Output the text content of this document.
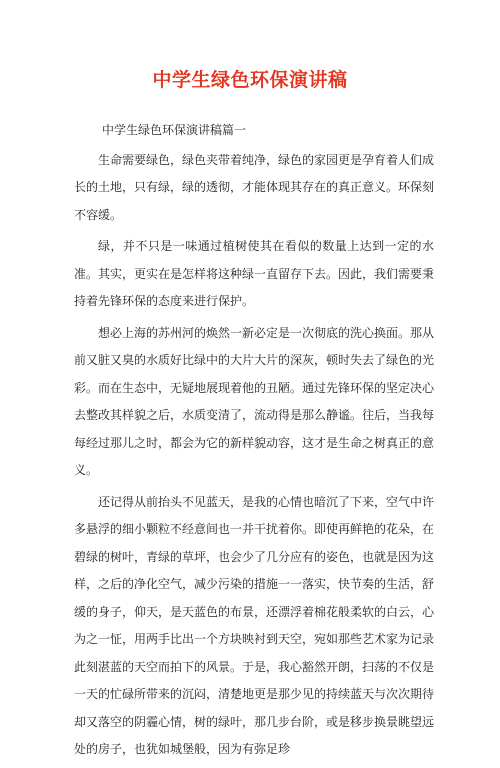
中学生绿色环保演讲稿

中学生绿色环保演讲稿篇一

生命需要绿色，绿色夹带着纯净，绿色的家园更是孕育着人们成长的土地，只有绿，绿的透彻，才能体现其存在的真正意义。环保刻不容缓。

绿，并不只是一味通过植树使其在看似的数量上达到一定的水准。其实，更实在是怎样将这种绿一直留存下去。因此，我们需要秉持着先锋环保的态度来进行保护。

想必上海的苏州河的焕然一新必定是一次彻底的洗心换面。那从前又脏又臭的水质好比绿中的大片大片的深灰，顿时失去了绿色的光彩。而在生态中，无疑地展现着他的丑陋。通过先锋环保的坚定决心去整改其样貌之后，水质变清了，流动得是那么静谧。往后，当我每每经过那儿之时，都会为它的新样貌动容，这才是生命之树真正的意义。

还记得从前抬头不见蓝天，是我的心情也暗沉了下来，空气中许多悬浮的细小颗粒不经意间也一并干扰着你。即使再鲜艳的花朵，在碧绿的树叶，青绿的草坪，也会少了几分应有的姿色，也就是因为这样，之后的净化空气，减少污染的措施一一落实，快节奏的生活，舒缓的身子，仰天，是天蓝色的布景，还漂浮着棉花般柔软的白云，心为之一怔，用两手比出一个方块映衬到天空，宛如那些艺术家为记录此刻湛蓝的天空而拍下的风景。于是，我心豁然开朗，扫荡的不仅是一天的忙碌所带来的沉闷，清楚地更是那少见的持续蓝天与次次期待却又落空的阴霾心情，树的绿叶，那几步台阶，或是移步换景眺望远处的房子，也犹如城堡般，因为有弥足珍
